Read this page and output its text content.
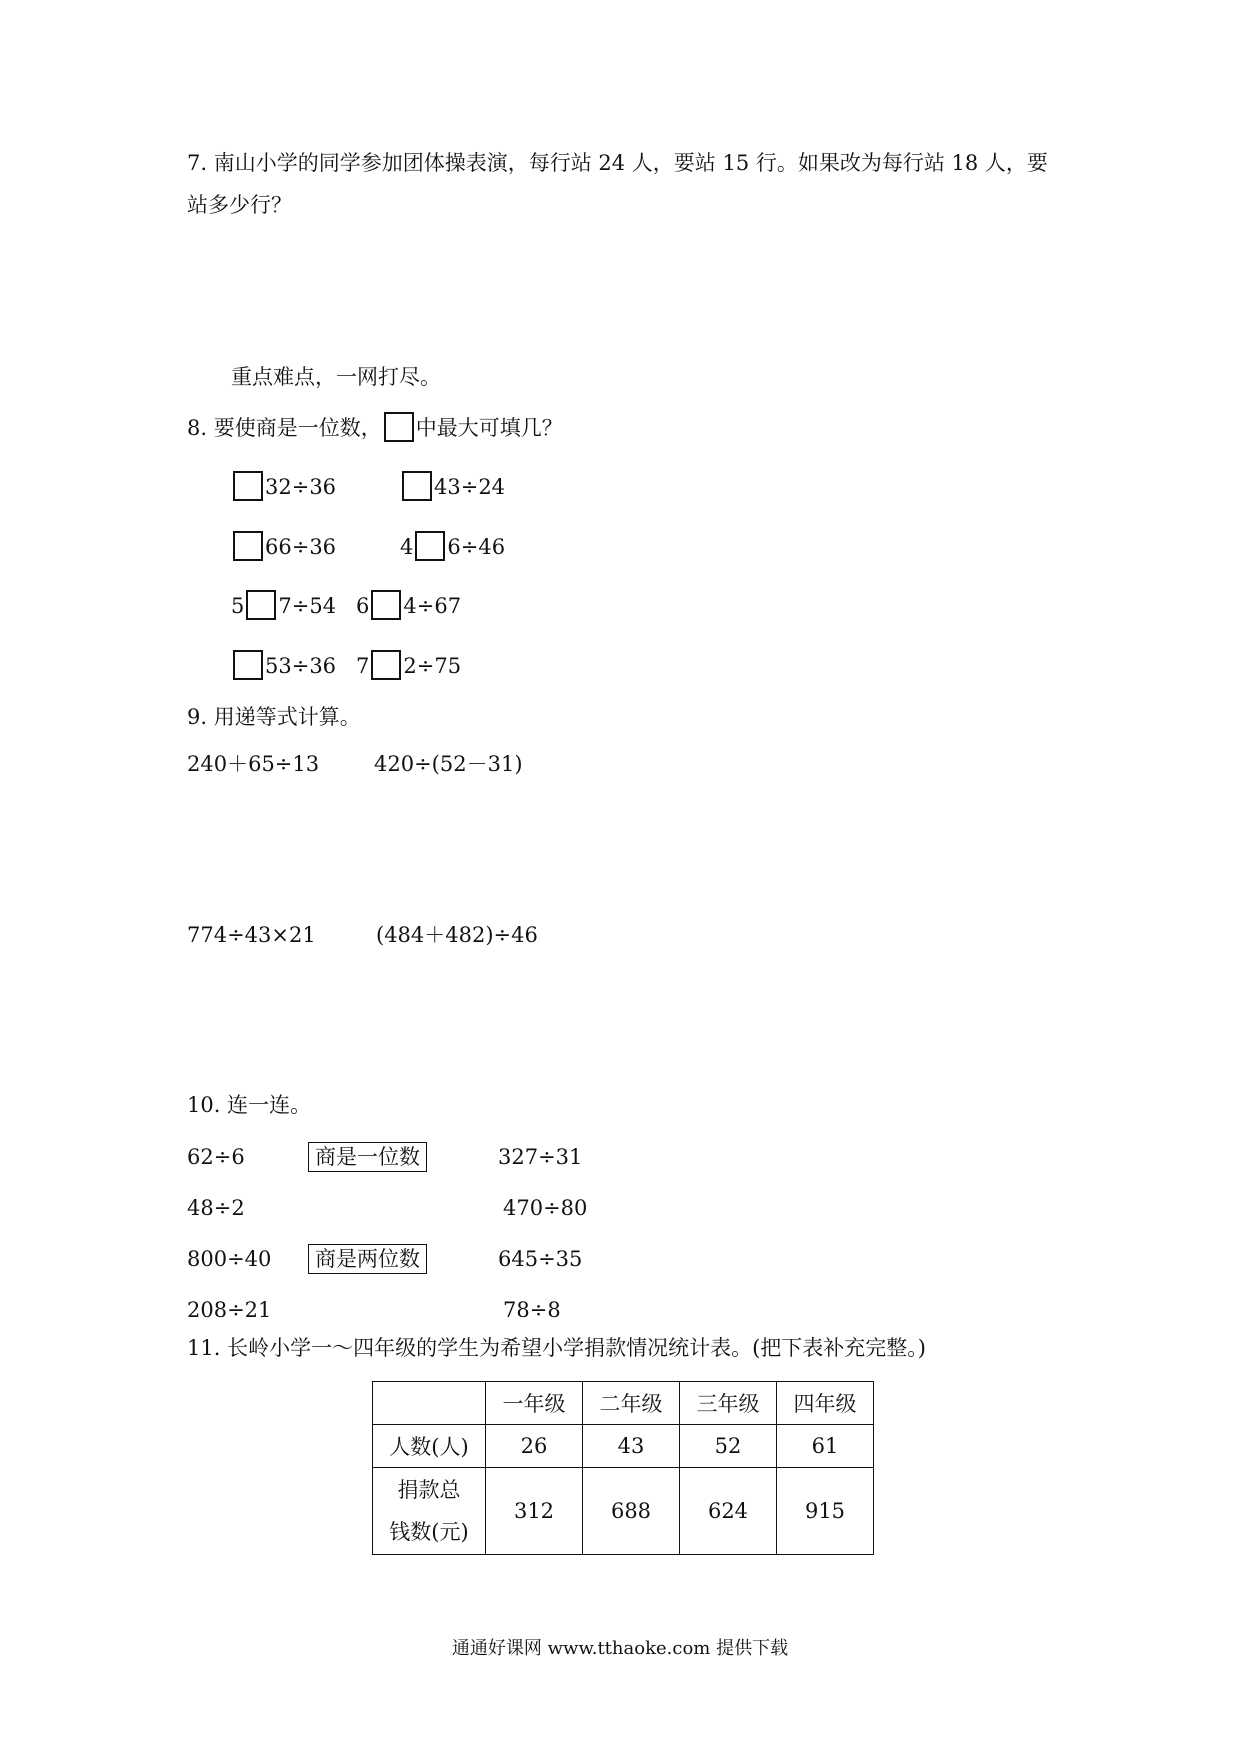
7. 南山小学的同学参加团体操表演，每行站 24 人，要站 15 行。如果改为每行站 18 人，要
站多少行？
重点难点，一网打尽。
8. 要使商是一位数， 中最大可填几？
32÷36	43÷24
66÷36	4 6÷46
5 7÷54 6 4÷67
53÷36 7 2÷75
9. 用递等式计算。
240＋65÷13	420÷(52－31)
774÷43×21	(484＋482)÷46
10. 连一连。
62÷6
48÷2
800÷40
208÷21
商是一位数
商是两位数
327÷31
470÷80
645÷35
78÷8
11. 长岭小学一～四年级的学生为希望小学捐款情况统计表。(把下表补充完整。)
	一年级	二年级	三年级	四年级
人数(人)	26	43	52	61

捐款总
钱数(元)	312	688	624	915
通通好课网 www.tthaoke.com 提供下载
